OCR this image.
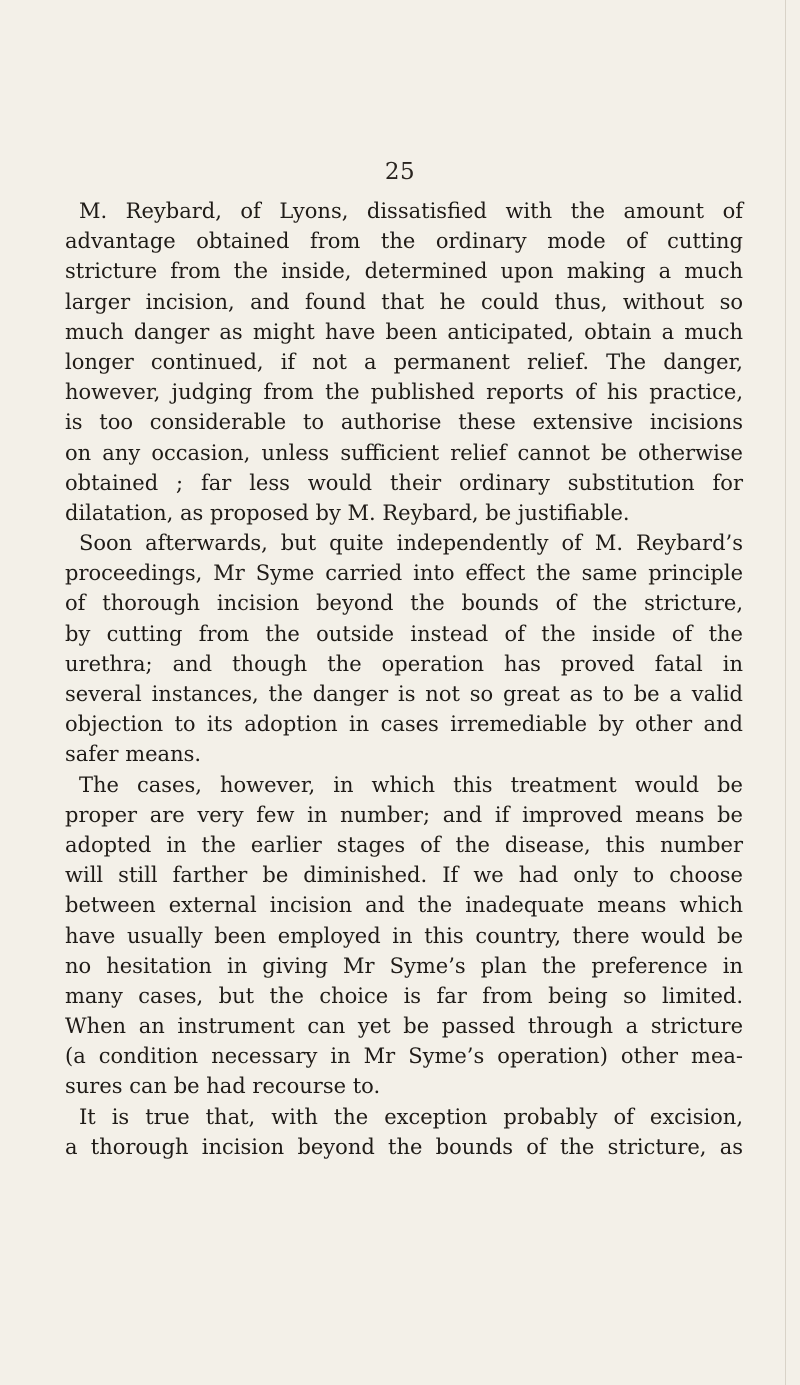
25
M. Reybard, of Lyons, dissatisfied with the amount of
advantage obtained from the ordinary mode of cutting
stricture from the inside, determined upon making a much
larger incision, and found that he could thus, without so
much danger as might have been anticipated, obtain a much
longer continued, if not a permanent relief. The danger,
however, judging from the published reports of his practice,
is too considerable to authorise these extensive incisions
on any occasion, unless sufficient relief cannot be otherwise
obtained ; far less would their ordinary substitution for
dilatation, as proposed by M. Reybard, be justifiable.
Soon afterwards, but quite independently of M. Reybard’s
proceedings, Mr Syme carried into effect the same principle
of thorough incision beyond the bounds of the stricture,
by cutting from the outside instead of the inside of the
urethra; and though the operation has proved fatal in
several instances, the danger is not so great as to be a valid
objection to its adoption in cases irremediable by other and
safer means.
The cases, however, in which this treatment would be
proper are very few in number; and if improved means be
adopted in the earlier stages of the disease, this number
will still farther be diminished. If we had only to choose
between external incision and the inadequate means which
have usually been employed in this country, there would be
no hesitation in giving Mr Syme’s plan the preference in
many cases, but the choice is far from being so limited.
When an instrument can yet be passed through a stricture
(a condition necessary in Mr Syme’s operation) other mea-
sures can be had recourse to.
It is true that, with the exception probably of excision,
a thorough incision beyond the bounds of the stricture, as
